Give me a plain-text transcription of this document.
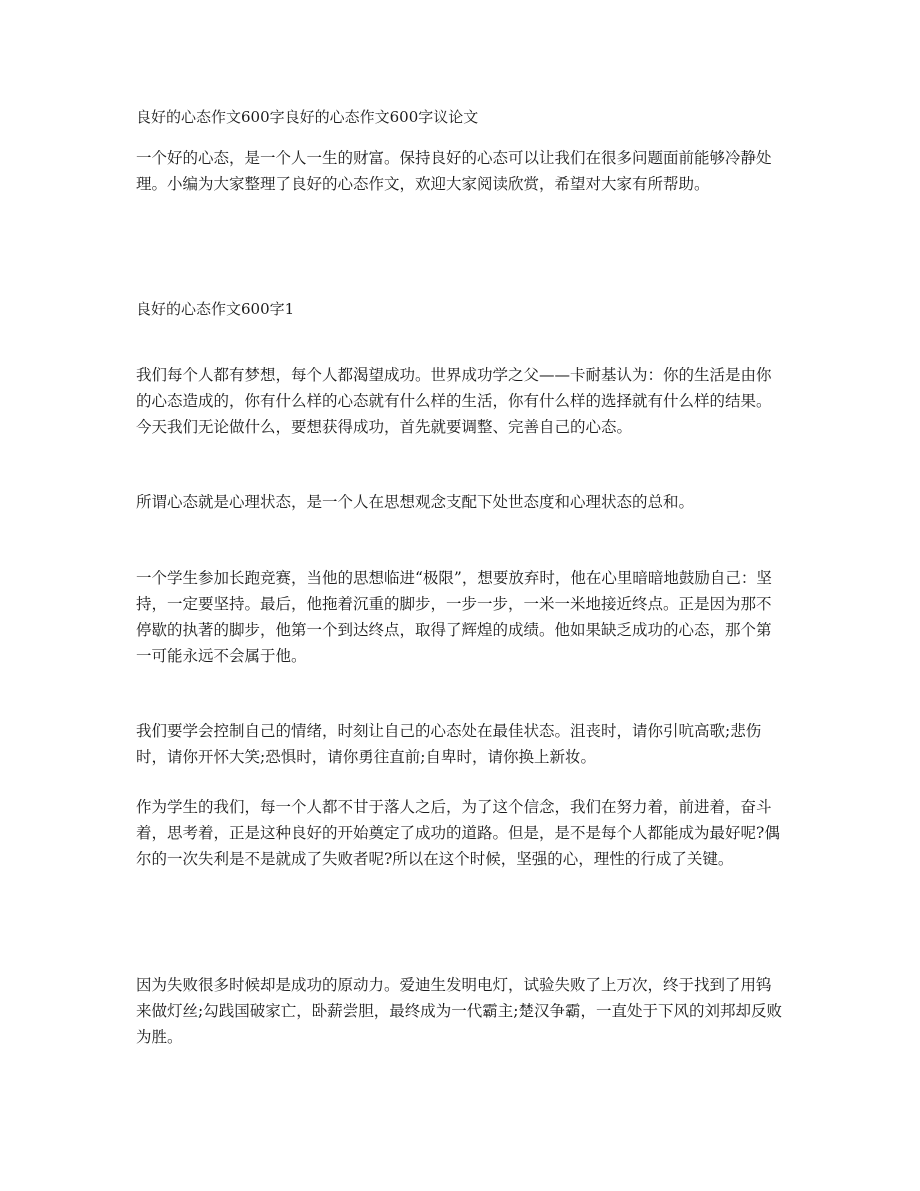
良好的心态作文600字良好的心态作文600字议论文

一个好的心态，是一个人一生的财富。保持良好的心态可以让我们在很多问题面前能够冷静处理。小编为大家整理了良好的心态作文，欢迎大家阅读欣赏，希望对大家有所帮助。

良好的心态作文600字1

我们每个人都有梦想，每个人都渴望成功。世界成功学之父——卡耐基认为：你的生活是由你的心态造成的，你有什么样的心态就有什么样的生活，你有什么样的选择就有什么样的结果。今天我们无论做什么，要想获得成功，首先就要调整、完善自己的心态。

所谓心态就是心理状态，是一个人在思想观念支配下处世态度和心理状态的总和。

一个学生参加长跑竞赛，当他的思想临进“极限”，想要放弃时，他在心里暗暗地鼓励自己：坚持，一定要坚持。最后，他拖着沉重的脚步，一步一步，一米一米地接近终点。正是因为那不停歇的执著的脚步，他第一个到达终点，取得了辉煌的成绩。他如果缺乏成功的心态，那个第一可能永远不会属于他。

我们要学会控制自己的情绪，时刻让自己的心态处在最佳状态。沮丧时，请你引吭高歌;悲伤时，请你开怀大笑;恐惧时，请你勇往直前;自卑时，请你换上新妆。

作为学生的我们，每一个人都不甘于落人之后，为了这个信念，我们在努力着，前进着，奋斗着，思考着，正是这种良好的开始奠定了成功的道路。但是，是不是每个人都能成为最好呢?偶尔的一次失利是不是就成了失败者呢?所以在这个时候，坚强的心，理性的行成了关键。

因为失败很多时候却是成功的原动力。爱迪生发明电灯，试验失败了上万次，终于找到了用钨来做灯丝;勾践国破家亡，卧薪尝胆，最终成为一代霸主;楚汉争霸，一直处于下风的刘邦却反败为胜。
